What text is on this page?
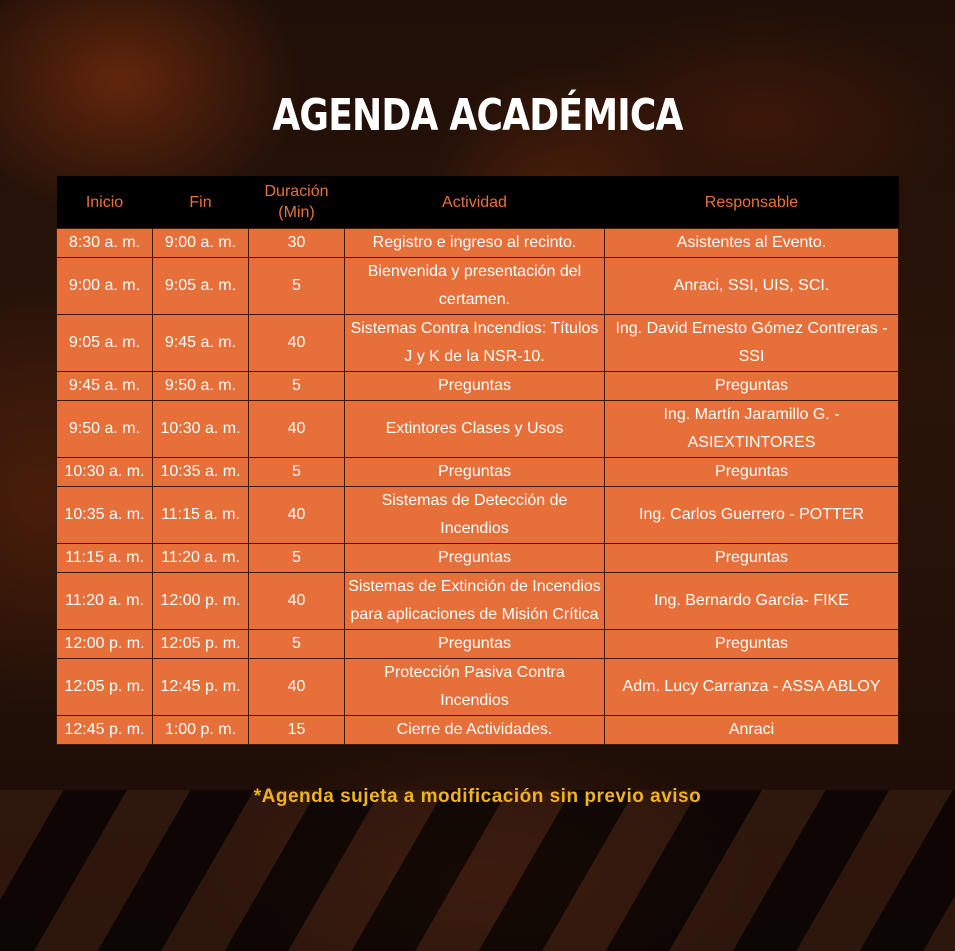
AGENDA ACADÉMICA
Inicio	Fin	Duración (Min)	Actividad	Responsable
8:30 a. m.	9:00 a. m.	30	Registro e ingreso al recinto.	Asistentes al Evento.
9:00 a. m.	9:05 a. m.	5	Bienvenida y presentación del certamen.	Anraci, SSI, UIS, SCI.
9:05 a. m.	9:45 a. m.	40	Sistemas Contra Incendios: Títulos J y K de la NSR-10.	Ing. David Ernesto Gómez Contreras - SSI
9:45 a. m.	9:50 a. m.	5	Preguntas	Preguntas
9:50 a. m.	10:30 a. m.	40	Extintores Clases y Usos	Ing. Martín Jaramillo G. - ASIEXTINTORES
10:30 a. m.	10:35 a. m.	5	Preguntas	Preguntas
10:35 a. m.	11:15 a. m.	40	Sistemas de Detección de Incendios	Ing. Carlos Guerrero - POTTER
11:15 a. m.	11:20 a. m.	5	Preguntas	Preguntas
11:20 a. m.	12:00 p. m.	40	Sistemas de Extinción de Incendios para aplicaciones de Misión Crítica	Ing. Bernardo García- FIKE
12:00 p. m.	12:05 p. m.	5	Preguntas	Preguntas
12:05 p. m.	12:45 p. m.	40	Protección Pasiva Contra Incendios	Adm. Lucy Carranza - ASSA ABLOY
12:45 p. m.	1:00 p. m.	15	Cierre de Actividades.	Anraci
*Agenda sujeta a modificación sin previo aviso
